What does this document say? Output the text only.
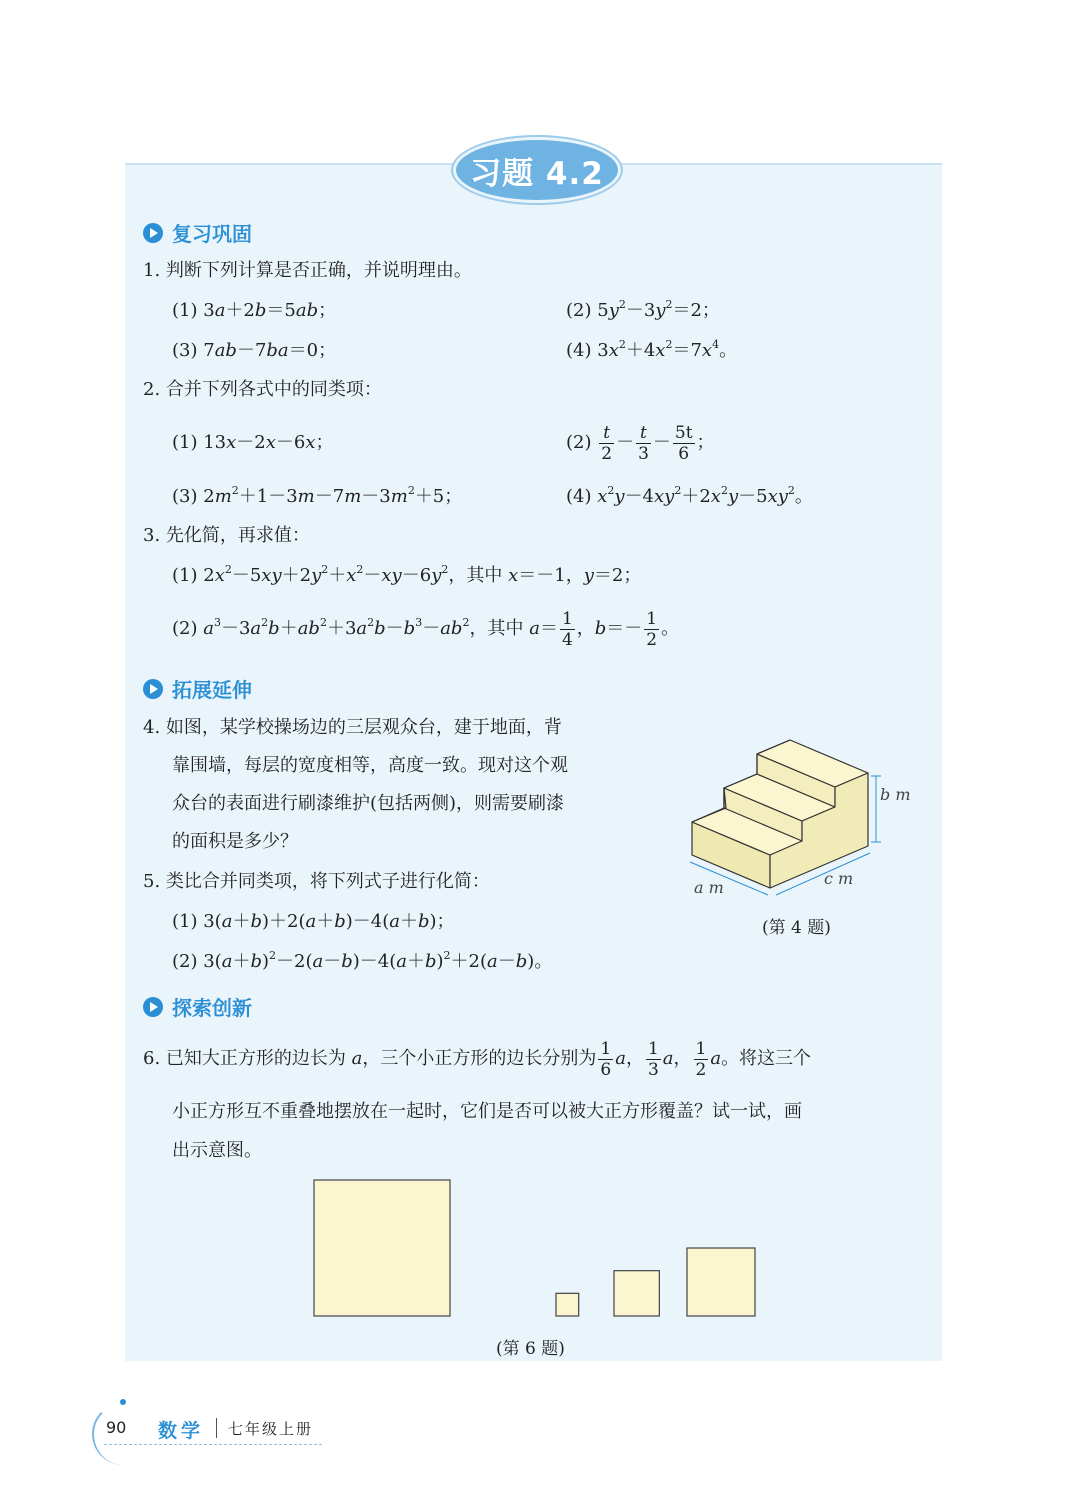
习题 4.2
复习巩固
1. 判断下列计算是否正确，并说明理由。
(1) 3a＋2b＝5ab；	(2) $5y^2-3y^2=2$；
(3) 7ab－7ba＝0；	(4) $3x^2+4x^2=7x^4$。
2. 合并下列各式中的同类项：
(1) 13x－2x－6x；	$(2) \frac{t}{2} - \frac{t}{3} - \frac{5t}{6}$ ；
(3) $2m^2+1-3m-7m-3m^2+5$；	(4) $x^2y-4xy^2+2x^2y-5xy^2$。
3. 先化简，再求值：
(1) $2x^2-5xy+2y^2+x^2-xy-6y^2$，其中 x＝－1，y＝2；
(2) $a^3-3a^2b+ab^2+3a^2b-b^3-ab^2$，其中 $a= \frac{1}{4}$ ，$b=- \frac{1}{2}$ 。
拓展延伸
4. 如图，某学校操场边的三层观众台，建于地面，背
靠围墙，每层的宽度相等，高度一致。现对这个观
众台的表面进行刷漆维护(包括两侧)，则需要刷漆
的面积是多少？
b m
a m	c m
(第 4 题)
5. 类比合并同类项，将下列式子进行化简：
(1) 3(a＋b)＋2(a＋b)－4(a＋b)；
(2) $3(a+b)^2-2(a-b)-4(a+b)^2+2(a-b)$。
探索创新
6. 已知大正方形的边长为 a，三个小正方形的边长分别为 $\frac{1}{6}$ a， $\frac{1}{3}$ a， $\frac{1}{2}$ a。将这三个
小正方形互不重叠地摆放在一起时，它们是否可以被大正方形覆盖？试一试，画
出示意图。
(第 6 题)
90 数学 七年级上册
